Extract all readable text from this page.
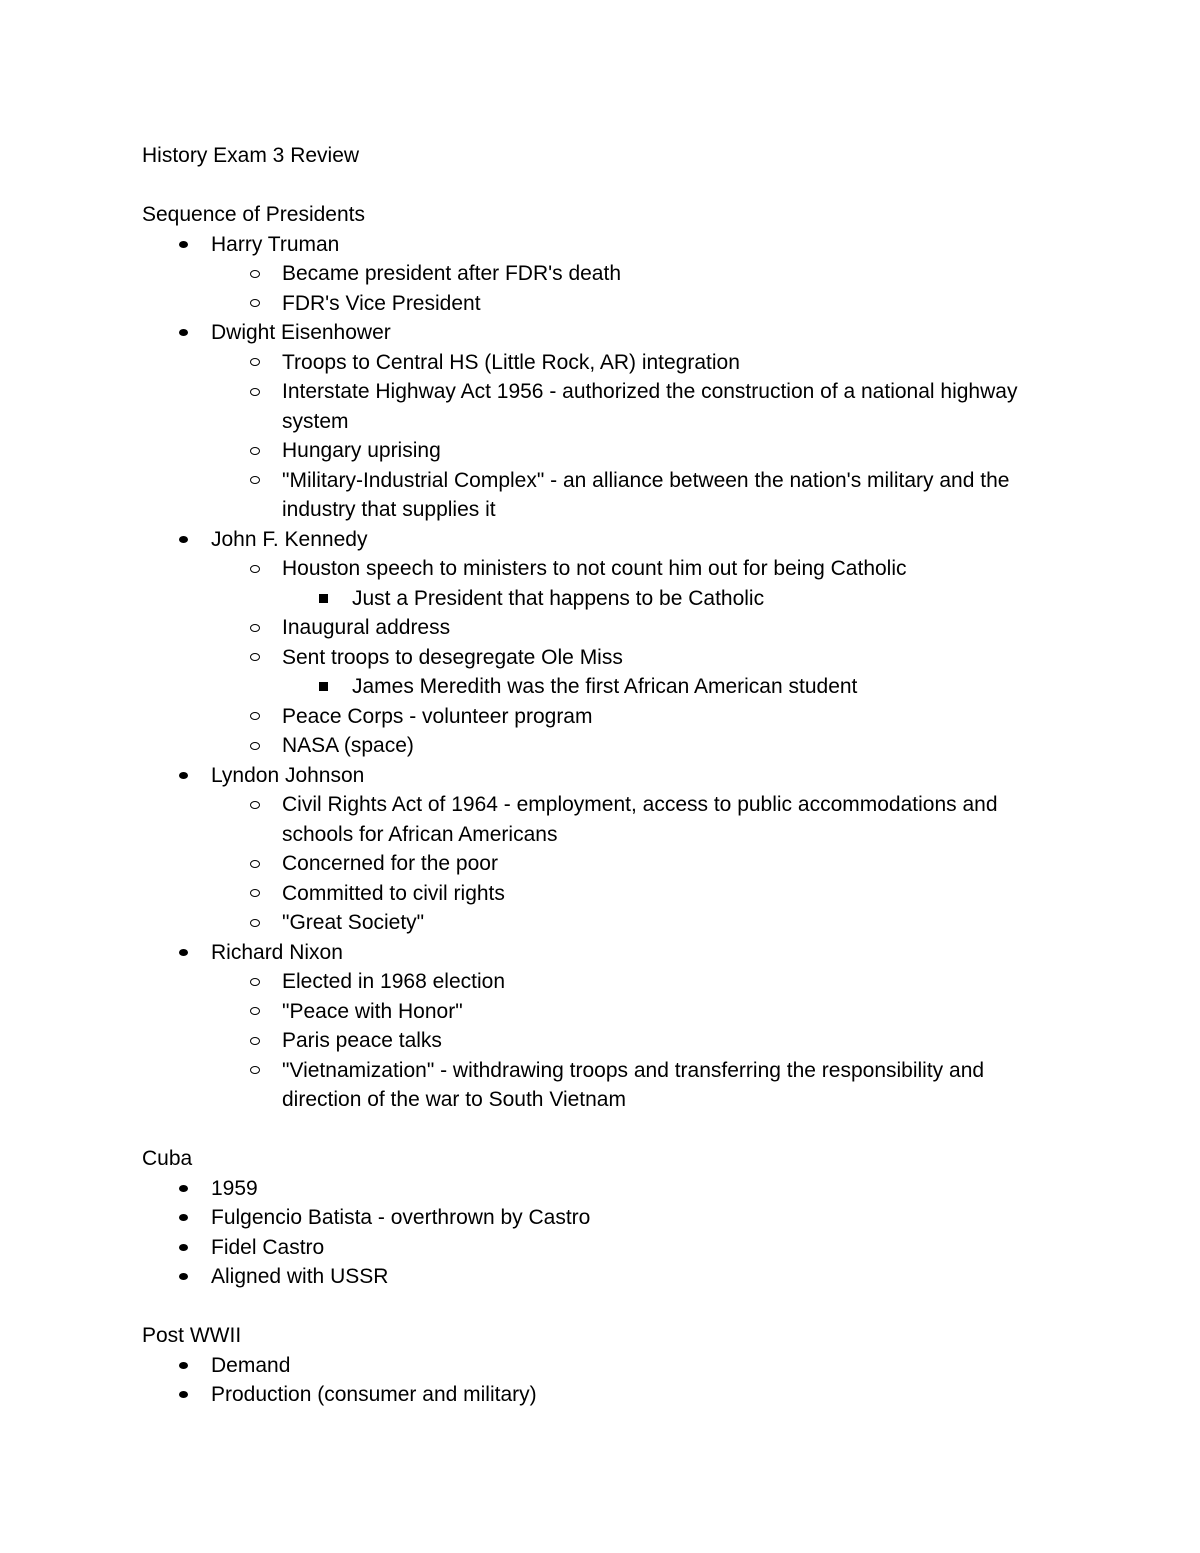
History Exam 3 Review
Sequence of Presidents
Harry Truman
Became president after FDR's death
FDR's Vice President
Dwight Eisenhower
Troops to Central HS (Little Rock, AR) integration
Interstate Highway Act 1956 - authorized the construction of a national highway
system
Hungary uprising
"Military-Industrial Complex" - an alliance between the nation's military and the
industry that supplies it
John F. Kennedy
Houston speech to ministers to not count him out for being Catholic
Just a President that happens to be Catholic
Inaugural address
Sent troops to desegregate Ole Miss
James Meredith was the first African American student
Peace Corps - volunteer program
NASA (space)
Lyndon Johnson
Civil Rights Act of 1964 - employment, access to public accommodations and
schools for African Americans
Concerned for the poor
Committed to civil rights
"Great Society"
Richard Nixon
Elected in 1968 election
"Peace with Honor"
Paris peace talks
"Vietnamization" - withdrawing troops and transferring the responsibility and
direction of the war to South Vietnam
Cuba
1959
Fulgencio Batista - overthrown by Castro
Fidel Castro
Aligned with USSR
Post WWII
Demand
Production (consumer and military)
